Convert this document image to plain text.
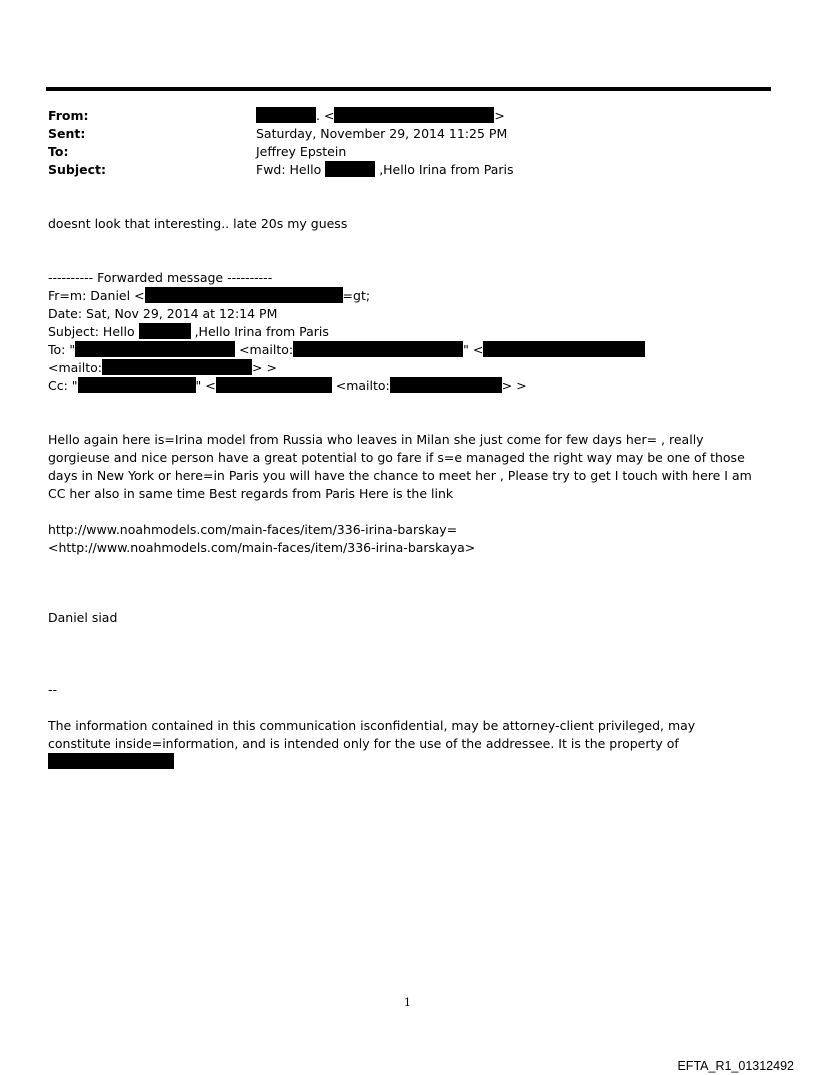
From:	. <	>
Sent:	Saturday, November 29, 2014 11:25 PM
To:	Jeffrey Epstein
Subject:	Fwd: Hello	,Hello Irina from Paris
doesnt look that interesting.. late 20s my guess
---------- Forwarded message ----------
Fr=m: Daniel <	=gt;
Date: Sat, Nov 29, 2014 at 12:14 PM
Subject: Hello	,Hello Irina from Paris
To: "	<mailto:	" <
<mailto:	> >
Cc: "	" <	<mailto:	> >
Hello again here is=Irina model from Russia who leaves in Milan she just come for few days her= , really gorgieuse and nice person have a great potential to go fare if s=e managed the right way may be one of those days in New York or here=in Paris you will have the chance to meet her , Please try to get I touch with here I am CC her also in same time Best regards from Paris Here is the link
http://www.noahmodels.com/main-faces/item/336-irina-barskay= <http://www.noahmodels.com/main-faces/item/336-irina-barskaya>
Daniel siad
--
The information contained in this communication isconfidential, may be attorney-client privileged, may constitute inside=information, and is intended only for the use of the addressee. It is the property of
1
EFTA_R1_01312492
